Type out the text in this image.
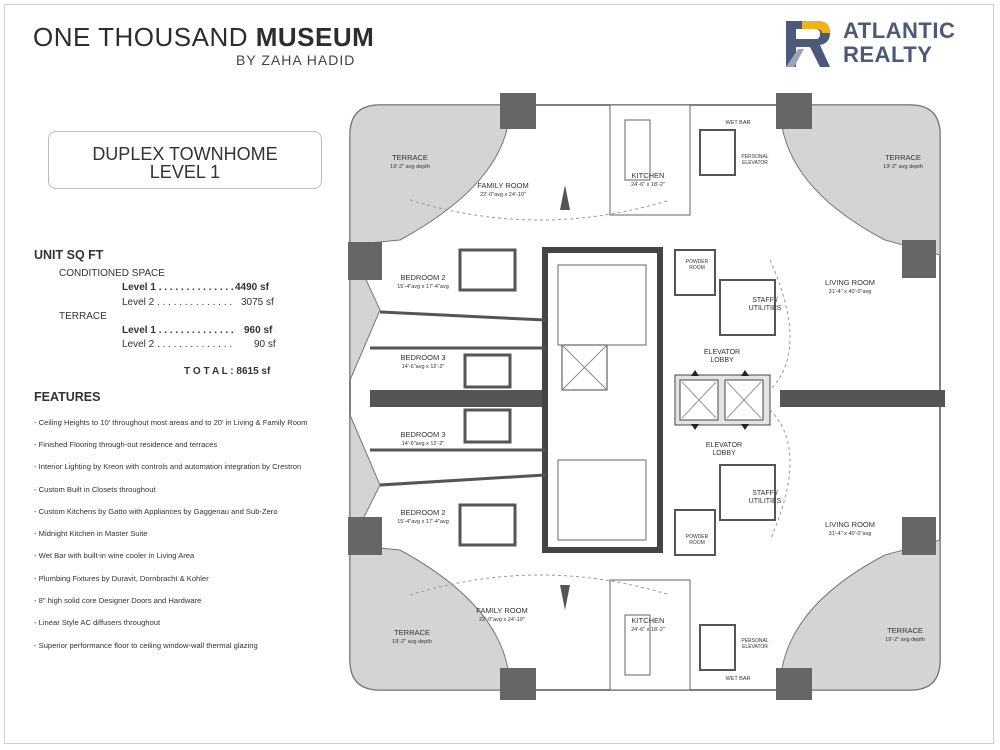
ONE THOUSAND MUSEUM
BY ZAHA HADID
ATLANTIC
REALTY
DUPLEX TOWNHOME
LEVEL 1
UNIT SQ FT
CONDITIONED SPACE
Level 1 . . . . . . . . . . . . . . 4490 sf
Level 2 . . . . . . . . . . . . . . 3075 sf
TERRACE
Level 1 . . . . . . . . . . . . . . 960 sf
Level 2 . . . . . . . . . . . . . . 90 sf
T O T A L : 8615 sf
FEATURES
- Ceiling Heights to 10' throughout most areas and to 20' in Living & Family Room
- Finished Flooring through-out residence and terraces
- Interior Lighting by Kreon with controls and automation integration by Crestron
- Custom Built in Closets throughout
- Custom Kitchens by Gatto with Appliances by Gaggenau and Sub-Zero
- Midnight Kitchen in Master Suite
- Wet Bar with built-in wine cooler in Living Area
- Plumbing Fixtures by Duravit, Dornbracht & Kohler
- 8" high solid core Designer Doors and Hardware
- Linear Style AC diffusers throughout
- Superior performance floor to ceiling window-wall thermal glazing
TERRACE
19'-2" avg depth
TERRACE
19'-2" avg depth
TERRACE
19'-2" avg depth
TERRACE
19'-2" avg depth
FAMILY ROOM
22'-0"avg x 24'-10"
FAMILY ROOM
22'-0"avg x 24'-10"
KITCHEN
24'-6" x 18'-2"
KITCHEN
24'-6" x 18'-2"
BEDROOM 2
15'-4"avg x 17'-4"avg
BEDROOM 3
14'-6"avg x 12'-2"
BEDROOM 3
14'-6"avg x 12'-2"
BEDROOM 2
15'-4"avg x 17'-4"avg
LIVING ROOM
31'-4" x 40'-0"avg
LIVING ROOM
31'-4" x 40'-0"avg
STAFF /
UTILITIES
STAFF /
UTILITIES
ELEVATOR
LOBBY
ELEVATOR
LOBBY
POWDER
ROOM
POWDER
ROOM
PERSONAL
ELEVATOR
PERSONAL
ELEVATOR
WET BAR
WET BAR
